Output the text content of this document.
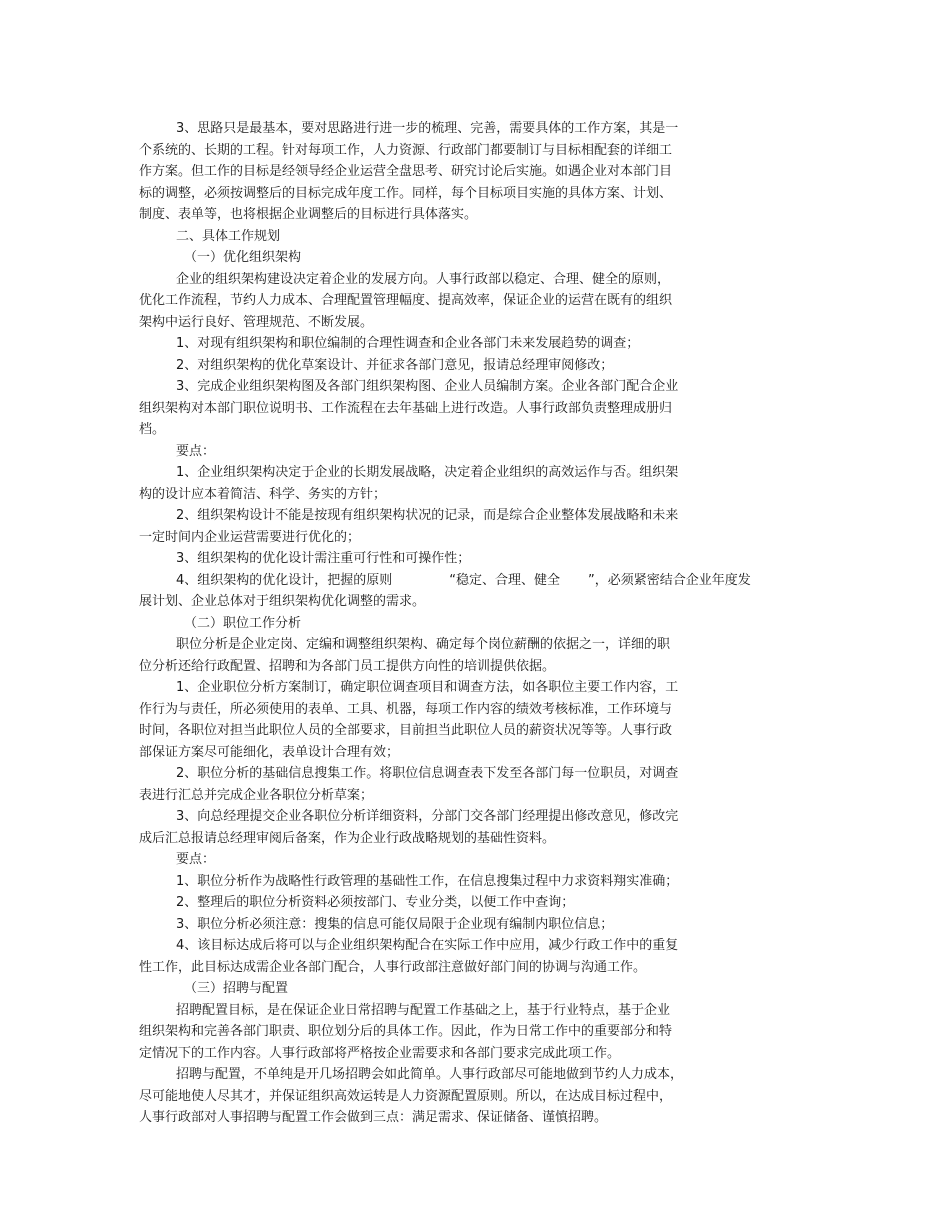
3、思路只是最基本，要对思路进行进一步的梳理、完善，需要具体的工作方案，其是一

个系统的、长期的工程。针对每项工作，人力资源、行政部门都要制订与目标相配套的详细工

作方案。但工作的目标是经领导经企业运营全盘思考、研究讨论后实施。如遇企业对本部门目

标的调整，必须按调整后的目标完成年度工作。同样，每个目标项目实施的具体方案、计划、

制度、表单等，也将根据企业调整后的目标进行具体落实。

二、具体工作规划

（一）优化组织架构

企业的组织架构建设决定着企业的发展方向。人事行政部以稳定、合理、健全的原则，

优化工作流程，节约人力成本、合理配置管理幅度、提高效率，保证企业的运营在既有的组织

架构中运行良好、管理规范、不断发展。

1、对现有组织架构和职位编制的合理性调查和企业各部门未来发展趋势的调查；

2、对组织架构的优化草案设计、并征求各部门意见，报请总经理审阅修改；

3、完成企业组织架构图及各部门组织架构图、企业人员编制方案。企业各部门配合企业

组织架构对本部门职位说明书、工作流程在去年基础上进行改造。人事行政部负责整理成册归

档。

要点：

1、企业组织架构决定于企业的长期发展战略，决定着企业组织的高效运作与否。组织架

构的设计应本着简洁、科学、务实的方针；

2、组织架构设计不能是按现有组织架构状况的记录，而是综合企业整体发展战略和未来

一定时间内企业运营需要进行优化的；

3、组织架构的优化设计需注重可行性和可操作性；

4、组织架构的优化设计，把握的原则	“稳定、合理、健全 ”，必须紧密结合企业年度发

展计划、企业总体对于组织架构优化调整的需求。

（二）职位工作分析

职位分析是企业定岗、定编和调整组织架构、确定每个岗位薪酬的依据之一，详细的职

位分析还给行政配置、招聘和为各部门员工提供方向性的培训提供依据。

1、企业职位分析方案制订，确定职位调查项目和调查方法，如各职位主要工作内容，工

作行为与责任，所必须使用的表单、工具、机器，每项工作内容的绩效考核标准，工作环境与

时间，各职位对担当此职位人员的全部要求，目前担当此职位人员的薪资状况等等。人事行政

部保证方案尽可能细化，表单设计合理有效；

2、职位分析的基础信息搜集工作。将职位信息调查表下发至各部门每一位职员，对调查

表进行汇总并完成企业各职位分析草案；

3、向总经理提交企业各职位分析详细资料，分部门交各部门经理提出修改意见，修改完

成后汇总报请总经理审阅后备案，作为企业行政战略规划的基础性资料。

要点：

1、职位分析作为战略性行政管理的基础性工作，在信息搜集过程中力求资料翔实准确；

2、整理后的职位分析资料必须按部门、专业分类，以便工作中查询；

3、职位分析必须注意：搜集的信息可能仅局限于企业现有编制内职位信息；

4、该目标达成后将可以与企业组织架构配合在实际工作中应用，减少行政工作中的重复

性工作，此目标达成需企业各部门配合，人事行政部注意做好部门间的协调与沟通工作。

（三）招聘与配置

招聘配置目标，是在保证企业日常招聘与配置工作基础之上，基于行业特点，基于企业

组织架构和完善各部门职责、职位划分后的具体工作。因此，作为日常工作中的重要部分和特

定情况下的工作内容。人事行政部将严格按企业需要求和各部门要求完成此项工作。

招聘与配置，不单纯是开几场招聘会如此简单。人事行政部尽可能地做到节约人力成本，

尽可能地使人尽其才，并保证组织高效运转是人力资源配置原则。所以，在达成目标过程中，

人事行政部对人事招聘与配置工作会做到三点：满足需求、保证储备、谨慎招聘。
